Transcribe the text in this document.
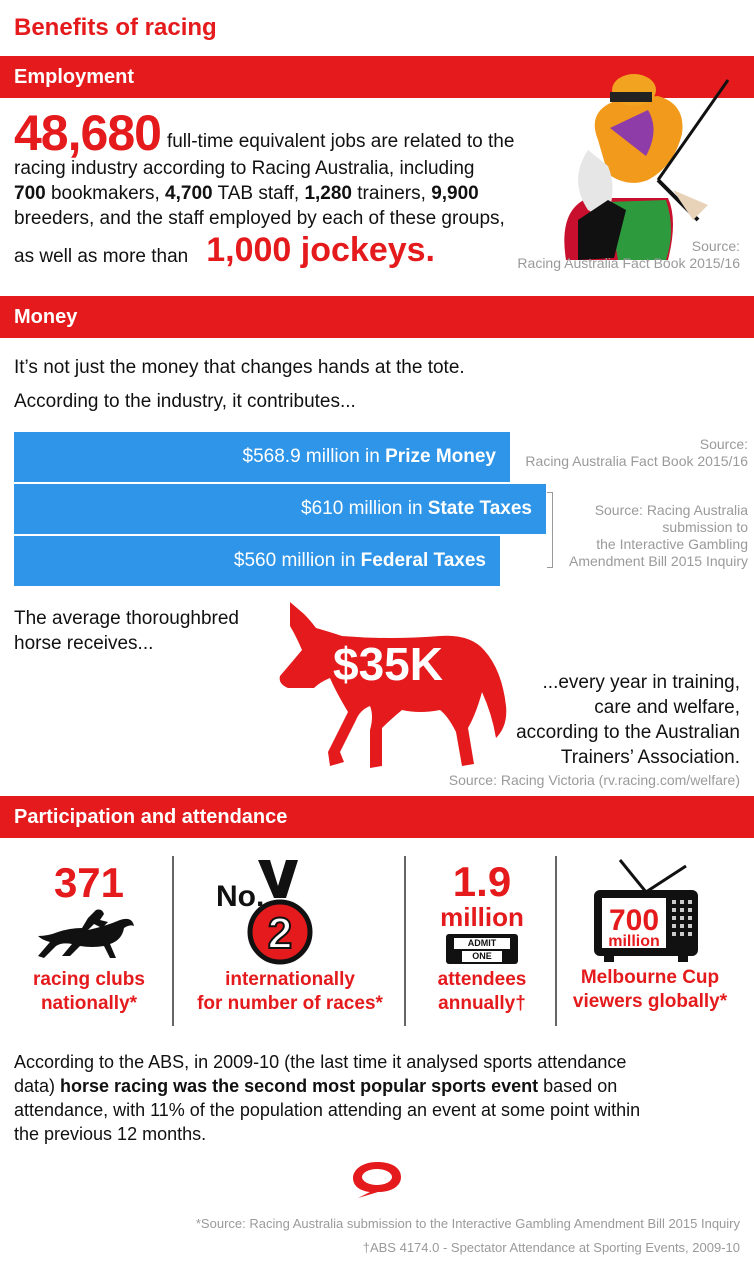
Benefits of racing
Employment
48,680 full-time equivalent jobs are related to the
racing industry according to Racing Australia, including
700 bookmakers, 4,700 TAB staff, 1,280 trainers, 9,900
breeders, and the staff employed by each of these groups,
as well as more than 1,000 jockeys.	Source:
Racing Australia Fact Book 2015/16
Money
It’s not just the money that changes hands at the tote.
According to the industry, it contributes...
$568.9 million in Prize Money
$610 million in State Taxes
$560 million in Federal Taxes
Source:
Racing Australia Fact Book 2015/16
Source: Racing Australia
submission to
the Interactive Gambling
Amendment Bill 2015 Inquiry
The average thoroughbred
horse receives...	$35K	...every year in training,
care and welfare,
according to the Australian
Trainers’ Association.
Source: Racing Victoria (rv.racing.com/welfare)
Participation and attendance
371
racing clubs
nationally*
2
No.
internationally
for number of races*
1.9
million
ADMIT
ONE
attendees
annually†
700
million
Melbourne Cup
viewers globally*
According to the ABS, in 2009-10 (the last time it analysed sports attendance
data) horse racing was the second most popular sports event based on
attendance, with 11% of the population attending an event at some point within
the previous 12 months.
*Source: Racing Australia submission to the Interactive Gambling Amendment Bill 2015 Inquiry
†ABS 4174.0 - Spectator Attendance at Sporting Events, 2009-10
